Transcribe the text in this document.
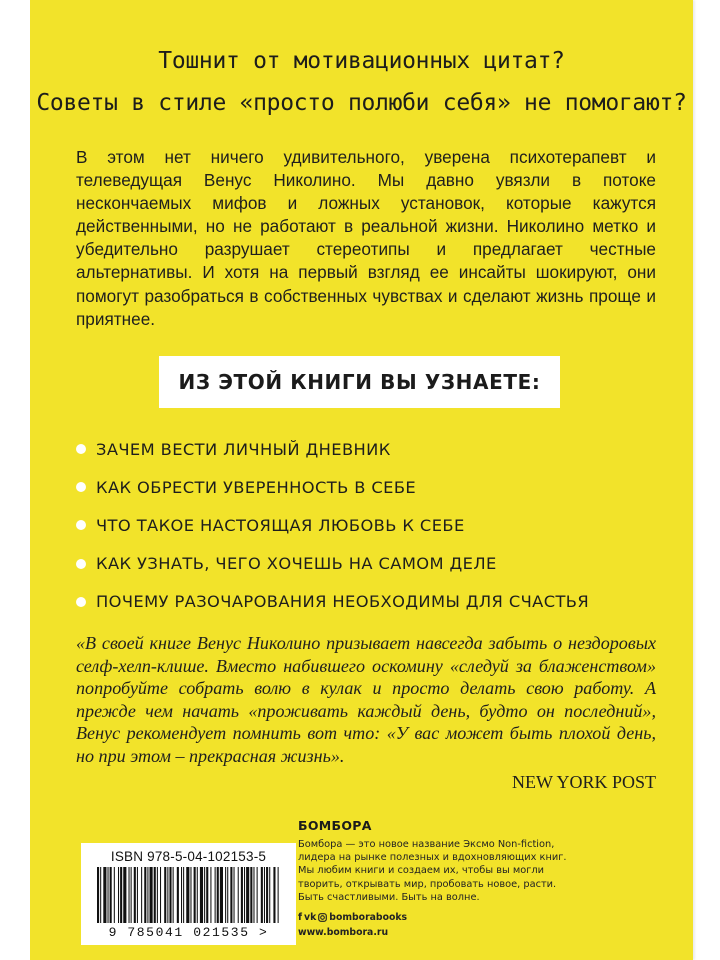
Тошнит от мотивационных цитат?
Советы в стиле «просто полюби себя» не помогают?

В этом нет ничего удивительного, уверена психотерапевт и телеведущая Венус Николино. Мы давно увязли в потоке нескончаемых мифов и ложных установок, которые кажутся действенными, но не работают в реальной жизни. Николино метко и убедительно разрушает стереотипы и предлагает честные альтернативы. И хотя на первый взгляд ее инсайты шокируют, они помогут разобраться в собственных чувствах и сделают жизнь проще и приятнее.

ИЗ ЭТОЙ КНИГИ ВЫ УЗНАЕТЕ:
ЗАЧЕМ ВЕСТИ ЛИЧНЫЙ ДНЕВНИК
КАК ОБРЕСТИ УВЕРЕННОСТЬ В СЕБЕ
ЧТО ТАКОЕ НАСТОЯЩАЯ ЛЮБОВЬ К СЕБЕ
КАК УЗНАТЬ, ЧЕГО ХОЧЕШЬ НА САМОМ ДЕЛЕ
ПОЧЕМУ РАЗОЧАРОВАНИЯ НЕОБХОДИМЫ ДЛЯ СЧАСТЬЯ

«В своей книге Венус Николино призывает навсегда забыть о нездоровых селф-хелп-клише. Вместо набившего оскомину «следуй за блаженством» попробуйте собрать волю в кулак и просто делать свою работу. А прежде чем начать «проживать каждый день, будто он последний», Венус рекомендует помнить вот что: «У вас может быть плохой день, но при этом – прекрасная жизнь».

NEW YORK POST
ISBN 978-5-04-102153-5
9 785041 021535 >
БОМБОРА
Бомбора — это новое название Эксмо Non-fiction,
лидера на рынке полезных и вдохновляющих книг.
Мы любим книги и создаем их, чтобы вы могли
творить, открывать мир, пробовать новое, расти.
Быть счастливыми. Быть на волне.
f vk bomborabooks
www.bombora.ru
